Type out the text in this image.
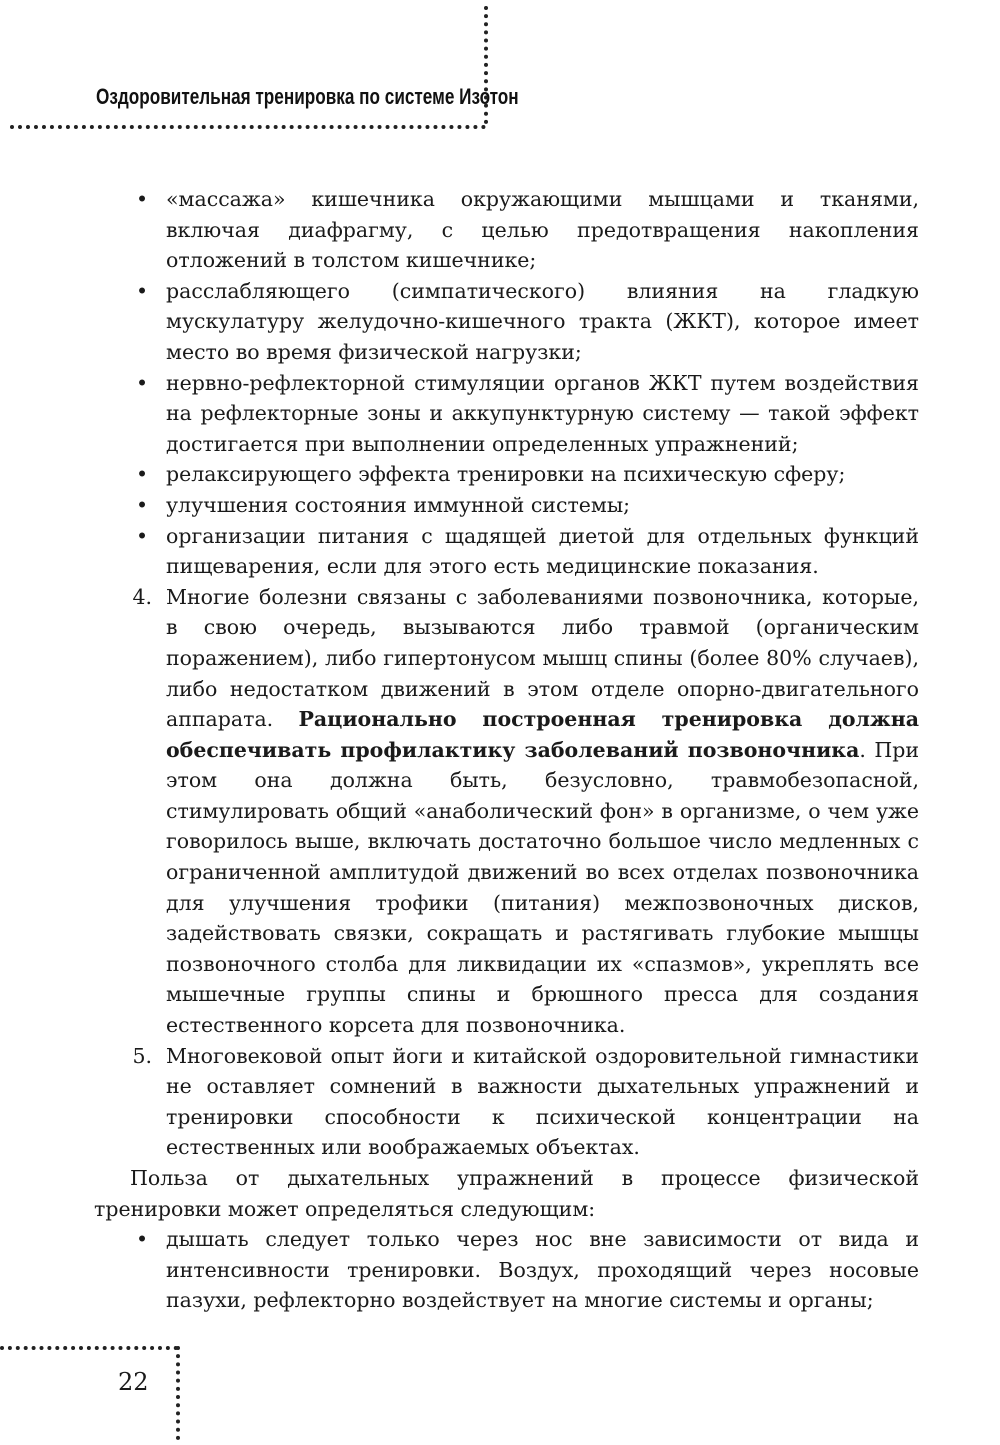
Оздоровительная тренировка по системе Изотон
• «массажа» кишечника окружающими мышцами и тканями, включая диафрагму, с целью предотвращения накопления отложений в толстом кишечнике;
• расслабляющего (симпатического) влияния на гладкую мускулатуру желудочно-кишечного тракта (ЖКТ), которое имеет место во время физической нагрузки;
• нервно-рефлекторной стимуляции органов ЖКТ путем воздействия на рефлекторные зоны и аккупунктурную систему — такой эффект достигается при выполнении определенных упражнений;
• релаксирующего эффекта тренировки на психическую сферу;
• улучшения состояния иммунной системы;
• организации питания с щадящей диетой для отдельных функций пищеварения, если для этого есть медицинские показания.
4. Многие болезни связаны с заболеваниями позвоночника, которые, в свою очередь, вызываются либо травмой (органическим поражением), либо гипертонусом мышц спины (более 80% случаев), либо недостатком движений в этом отделе опорно-двигательного аппарата. Рационально построенная тренировка должна обеспечивать профилактику заболеваний позвоночника. При этом она должна быть, безусловно, травмобезопасной, стимулировать общий «анаболический фон» в организме, о чем уже говорилось выше, включать достаточно большое число медленных с ограниченной амплитудой движений во всех отделах позвоночника для улучшения трофики (питания) межпозвоночных дисков, задействовать связки, сокращать и растягивать глубокие мышцы позвоночного столба для ликвидации их «спазмов», укреплять все мышечные группы спины и брюшного пресса для создания естественного корсета для позвоночника.
5. Многовековой опыт йоги и китайской оздоровительной гимнастики не оставляет сомнений в важности дыхательных упражнений и тренировки способности к психической концентрации на естественных или воображаемых объектах.
Польза от дыхательных упражнений в процессе физической тренировки может определяться следующим:
• дышать следует только через нос вне зависимости от вида и интенсивности тренировки. Воздух, проходящий через носовые пазухи, рефлекторно воздействует на многие системы и органы;
22
